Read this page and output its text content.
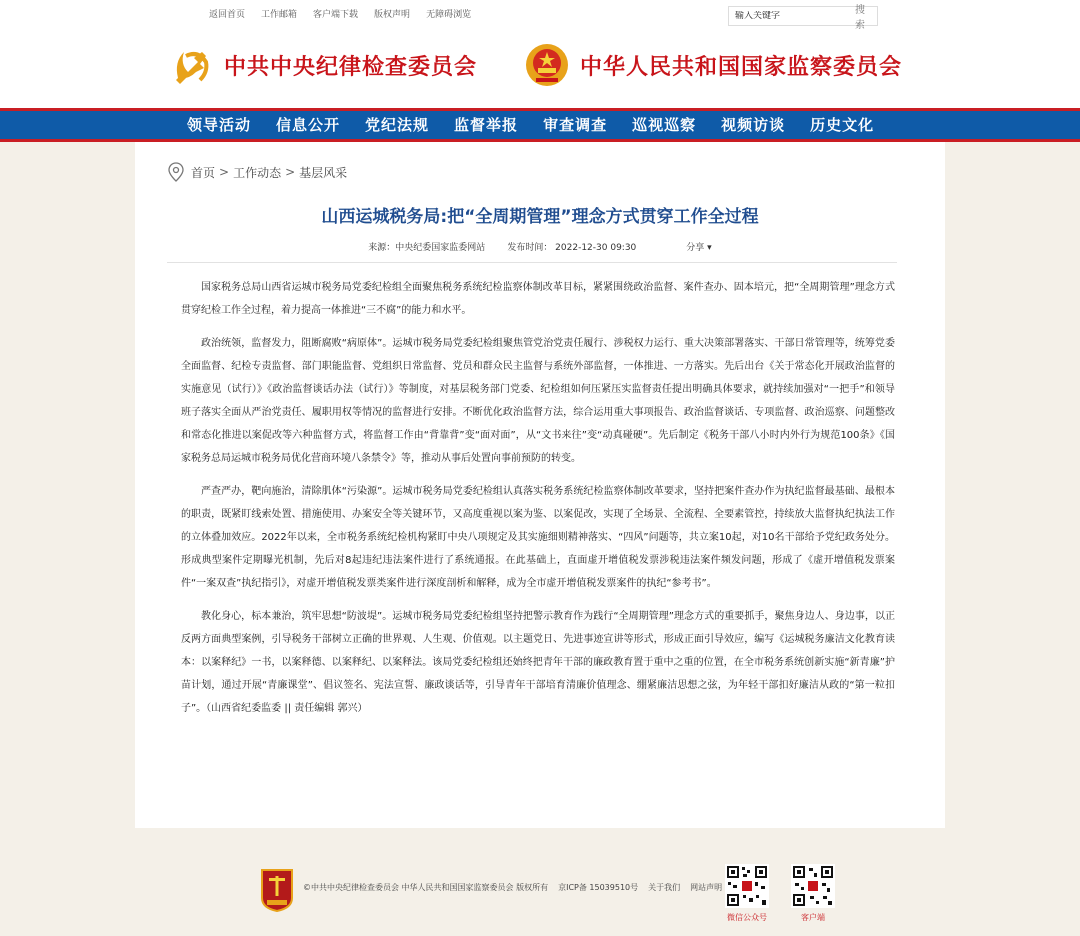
返回首页 工作邮箱 客户端下载 版权声明 无障碍浏览
输入关键字	搜索
中共中央纪律检查委员会	中华人民共和国国家监察委员会
领导活动 信息公开 党纪法规 监督举报 审查调查 巡视巡察 视频访谈 历史文化
首页 > 工作动态 > 基层风采
山西运城税务局:把“全周期管理”理念方式贯穿工作全过程
来源：中央纪委国家监委网站 发布时间： 2022-12-30 09:30	分享 ▾

国家税务总局山西省运城市税务局党委纪检组全面聚焦税务系统纪检监察体制改革目标，紧紧围绕政治监督、案件查办、固本培元，把“全周期管理”理念方式贯穿纪检工作全过程，着力提高一体推进“三不腐”的能力和水平。

政治统领，监督发力，阻断腐败“病原体”。运城市税务局党委纪检组聚焦管党治党责任履行、涉税权力运行、重大决策部署落实、干部日常管理等，统筹党委全面监督、纪检专责监督、部门职能监督、党组织日常监督、党员和群众民主监督与系统外部监督，一体推进、一方落实。先后出台《关于常态化开展政治监督的实施意见（试行）》《政治监督谈话办法（试行）》等制度，对基层税务部门党委、纪检组如何压紧压实监督责任提出明确具体要求，就持续加强对“一把手”和领导班子落实全面从严治党责任、履职用权等情况的监督进行安排。不断优化政治监督方法，综合运用重大事项报告、政治监督谈话、专项监督、政治巡察、问题整改和常态化推进以案促改等六种监督方式，将监督工作由“背靠背”变“面对面”，从“文书来往”变“动真碰硬”。先后制定《税务干部八小时内外行为规范100条》《国家税务总局运城市税务局优化营商环境八条禁令》等，推动从事后处置向事前预防的转变。

严查严办，靶向施治，清除肌体“污染源”。运城市税务局党委纪检组认真落实税务系统纪检监察体制改革要求，坚持把案件查办作为执纪监督最基础、最根本的职责，既紧盯线索处置、措施使用、办案安全等关键环节，又高度重视以案为鉴、以案促改，实现了全场景、全流程、全要素管控，持续放大监督执纪执法工作的立体叠加效应。2022年以来，全市税务系统纪检机构紧盯中央八项规定及其实施细则精神落实、“四风”问题等，共立案10起，对10名干部给予党纪政务处分。形成典型案件定期曝光机制，先后对8起违纪违法案件进行了系统通报。在此基础上，直面虚开增值税发票涉税违法案件频发问题，形成了《虚开增值税发票案件“一案双查”执纪指引》，对虚开增值税发票类案件进行深度剖析和解释，成为全市虚开增值税发票案件的执纪“参考书”。

教化身心，标本兼治，筑牢思想“防波堤”。运城市税务局党委纪检组坚持把警示教育作为践行“全周期管理”理念方式的重要抓手，聚焦身边人、身边事，以正反两方面典型案例，引导税务干部树立正确的世界观、人生观、价值观。以主题党日、先进事迹宣讲等形式，形成正面引导效应，编写《运城税务廉洁文化教育读本：以案释纪》一书，以案释德、以案释纪、以案释法。该局党委纪检组还始终把青年干部的廉政教育置于重中之重的位置，在全市税务系统创新实施“新青廉”护苗计划，通过开展“青廉课堂”、倡议签名、宪法宣誓、廉政谈话等，引导青年干部培育清廉价值理念、绷紧廉洁思想之弦，为年轻干部扣好廉洁从政的“第一粒扣子”。（山西省纪委监委 || 责任编辑 郭兴）

©中共中央纪律检查委员会 中华人民共和国国家监察委员会 版权所有 京ICP备 15039510号 关于我们 网站声明
微信公众号	客户端
